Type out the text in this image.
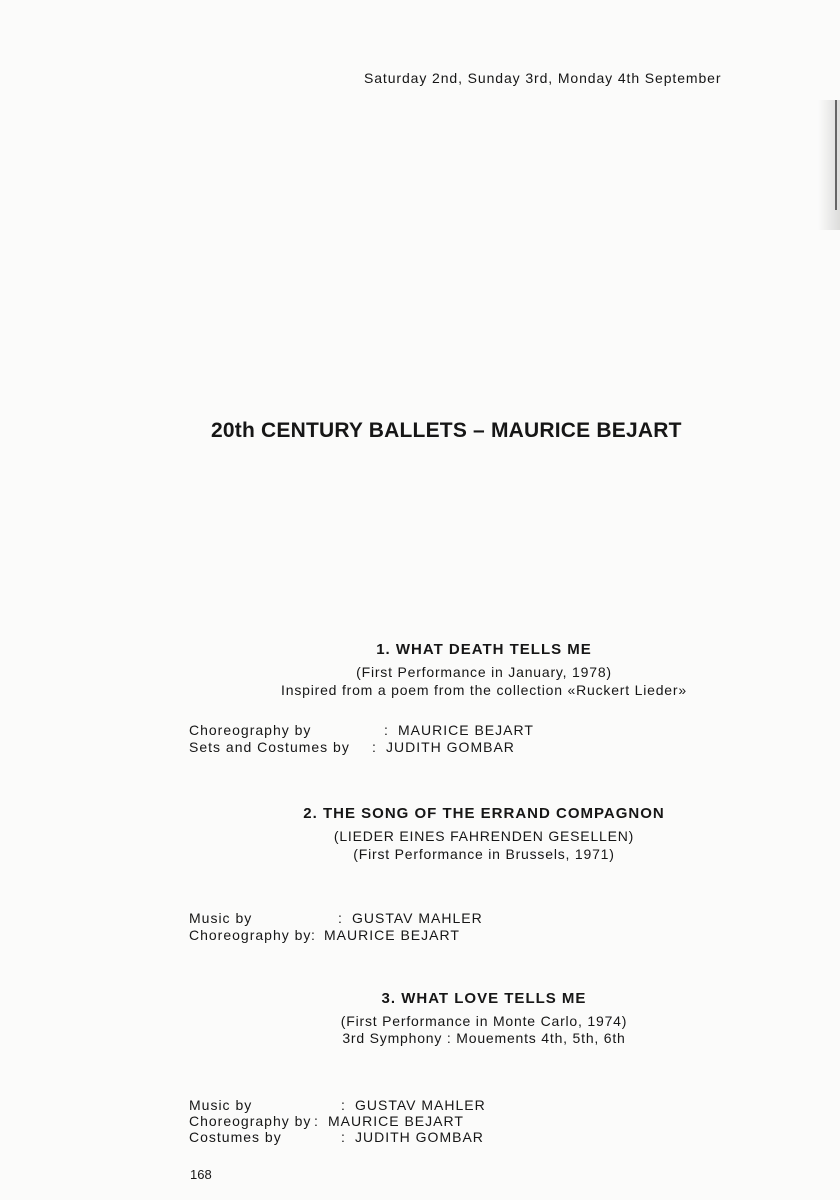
Saturday 2nd, Sunday 3rd, Monday 4th September
20th CENTURY BALLETS – MAURICE BEJART
1. WHAT DEATH TELLS ME
(First Performance in January, 1978)
Inspired from a poem from the collection «Ruckert Lieder»
Choreography by	: MAURICE BEJART
Sets and Costumes by : JUDITH GOMBAR
2. THE SONG OF THE ERRAND COMPAGNON
(LIEDER EINES FAHRENDEN GESELLEN)
(First Performance in Brussels, 1971)
Music by	: GUSTAV MAHLER
Choreography by : MAURICE BEJART
3. WHAT LOVE TELLS ME
(First Performance in Monte Carlo, 1974)
3rd Symphony : Mouements 4th, 5th, 6th
Music by	: GUSTAV MAHLER
Choreography by : MAURICE BEJART
Costumes by	: JUDITH GOMBAR
168
